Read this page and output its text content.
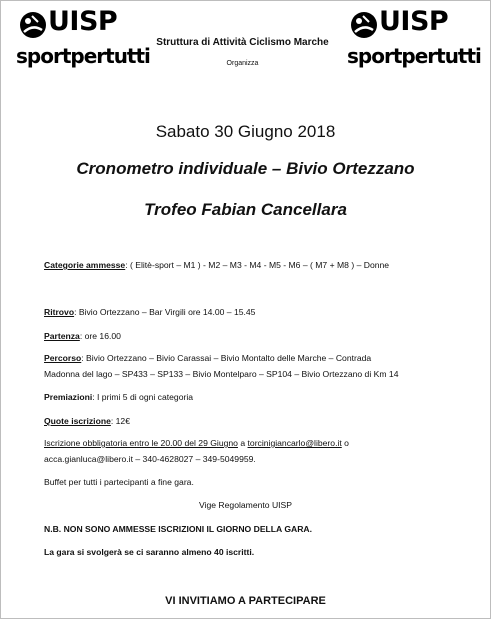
UISP
sportpertutti
UISP
sportpertutti
Struttura di Attività Ciclismo Marche
Organizza
Sabato 30 Giugno 2018
Cronometro individuale – Bivio Ortezzano
Trofeo Fabian Cancellara
Categorie ammesse: ( Elitè-sport – M1 ) - M2 – M3 - M4 - M5 - M6 – ( M7 + M8 ) – Donne
Ritrovo: Bivio Ortezzano – Bar Virgili ore 14.00 – 15.45
Partenza: ore 16.00
Percorso: Bivio Ortezzano – Bivio Carassai – Bivio Montalto delle Marche – Contrada
Madonna del lago – SP433 – SP133 – Bivio Montelparo – SP104 – Bivio Ortezzano di Km 14
Premiazioni: I primi 5 di ogni categoria
Quote iscrizione: 12€
Iscrizione obbligatoria entro le 20.00 del 29 Giugno a torcinigiancarlo@libero.it o
acca.gianluca@libero.it – 340-4628027 – 349-5049959.
Buffet per tutti i partecipanti a fine gara.
Vige Regolamento UISP
N.B. NON SONO AMMESSE ISCRIZIONI IL GIORNO DELLA GARA.
La gara si svolgerà se ci saranno almeno 40 iscritti.
VI INVITIAMO A PARTECIPARE
